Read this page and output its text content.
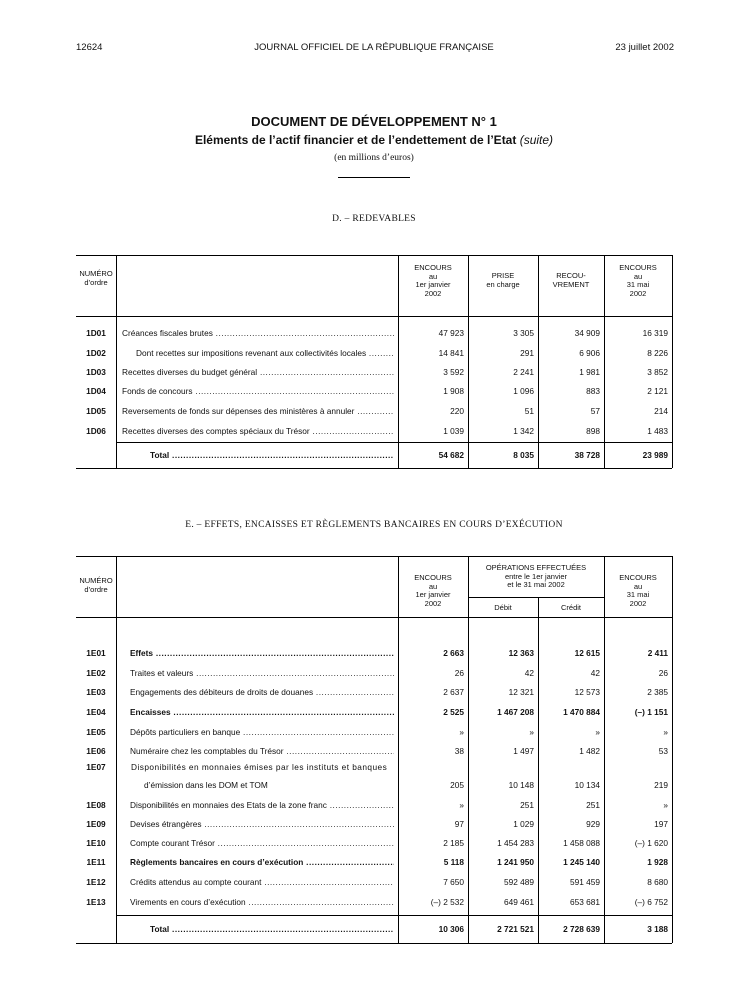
12624	JOURNAL OFFICIEL DE LA RÉPUBLIQUE FRANÇAISE	23 juillet 2002
DOCUMENT DE DÉVELOPPEMENT N° 1
Eléments de l’actif financier et de l’endettement de l’Etat (suite)
(en millions d’euros)
D. – REDEVABLES
NUMÉRO
d’ordre
ENCOURS
au
1er janvier
2002
PRISE
en charge
RECOU-
VREMENT
ENCOURS
au
31 mai
2002
1D01	Créances fiscales brutes .....	47 923	3 305	34 909	16 319
1D02	Dont recettes sur impositions revenant aux collectivités locales .....	14 841	291	6 906	8 226
1D03	Recettes diverses du budget général .....	3 592	2 241	1 981	3 852
1D04	Fonds de concours .....	1 908	1 096	883	2 121
1D05	Reversements de fonds sur dépenses des ministères à annuler .....	220	51	57	214
1D06	Recettes diverses des comptes spéciaux du Trésor .....	1 039	1 342	898	1 483
Total .....	54 682	8 035	38 728	23 989
E. – EFFETS, ENCAISSES ET RÈGLEMENTS BANCAIRES EN COURS D’EXÉCUTION
NUMÉRO
d’ordre
ENCOURS
au
1er janvier
2002
OPÉRATIONS EFFECTUÉES
entre le 1er janvier
et le 31 mai 2002
Débit	Crédit
ENCOURS
au
31 mai
2002
1E01	Effets .....	2 663	12 363	12 615	2 411
1E02	Traites et valeurs .....	26	42	42	26
1E03	Engagements des débiteurs de droits de douanes .....	2 637	12 321	12 573	2 385
1E04	Encaisses .....	2 525	1 467 208	1 470 884	(–) 1 151
1E05	Dépôts particuliers en banque .....	»	»	»	»
1E06	Numéraire chez les comptables du Trésor .....	38	1 497	1 482	53
1E07	Disponibilités en monnaies émises par les instituts et banques
d’émission dans les DOM et TOM	205	10 148	10 134	219
1E08	Disponibilités en monnaies des Etats de la zone franc .....	»	251	251	»
1E09	Devises étrangères .....	97	1 029	929	197
1E10	Compte courant Trésor .....	2 185	1 454 283	1 458 088	(–) 1 620
1E11	Règlements bancaires en cours d’exécution .....	5 118	1 241 950	1 245 140	1 928
1E12	Crédits attendus au compte courant .....	7 650	592 489	591 459	8 680
1E13	Virements en cours d’exécution .....	(–) 2 532	649 461	653 681	(–) 6 752
Total .....	10 306	2 721 521	2 728 639	3 188
